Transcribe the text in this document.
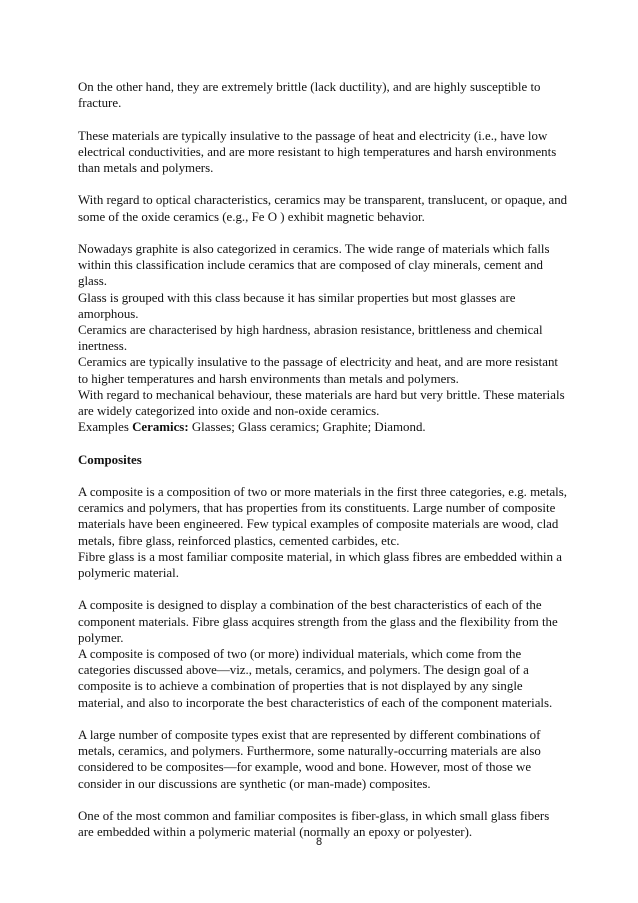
On the other hand, they are extremely brittle (lack ductility), and are highly susceptible to fracture.

These materials are typically insulative to the passage of heat and electricity (i.e., have low electrical conductivities, and are more resistant to high temperatures and harsh environments than metals and polymers.

With regard to optical characteristics, ceramics may be transparent, translucent, or opaque, and some of the oxide ceramics (e.g., Fe O ) exhibit magnetic behavior.

Nowadays graphite is also categorized in ceramics. The wide range of materials which falls within this classification include ceramics that are composed of clay minerals, cement and glass.
Glass is grouped with this class because it has similar properties but most glasses are amorphous.
Ceramics are characterised by high hardness, abrasion resistance, brittleness and chemical inertness.
Ceramics are typically insulative to the passage of electricity and heat, and are more resistant to higher temperatures and harsh environments than metals and polymers.
With regard to mechanical behaviour, these materials are hard but very brittle. These materials are widely categorized into oxide and non-oxide ceramics.
Examples Ceramics: Glasses; Glass ceramics; Graphite; Diamond.
Composites
A composite is a composition of two or more materials in the first three categories, e.g. metals, ceramics and polymers, that has properties from its constituents. Large number of composite materials have been engineered. Few typical examples of composite materials are wood, clad metals, fibre glass, reinforced plastics, cemented carbides, etc.
Fibre glass is a most familiar composite material, in which glass fibres are embedded within a polymeric material.
A composite is designed to display a combination of the best characteristics of each of the component materials. Fibre glass acquires strength from the glass and the flexibility from the polymer.
A composite is composed of two (or more) individual materials, which come from the categories discussed above—viz., metals, ceramics, and polymers. The design goal of a composite is to achieve a combination of properties that is not displayed by any single material, and also to incorporate the best characteristics of each of the component materials.

A large number of composite types exist that are represented by different combinations of metals, ceramics, and polymers. Furthermore, some naturally-occurring materials are also considered to be composites—for example, wood and bone. However, most of those we consider in our discussions are synthetic (or man-made) composites.

One of the most common and familiar composites is fiber-glass, in which small glass fibers are embedded within a polymeric material (normally an epoxy or polyester).

8
